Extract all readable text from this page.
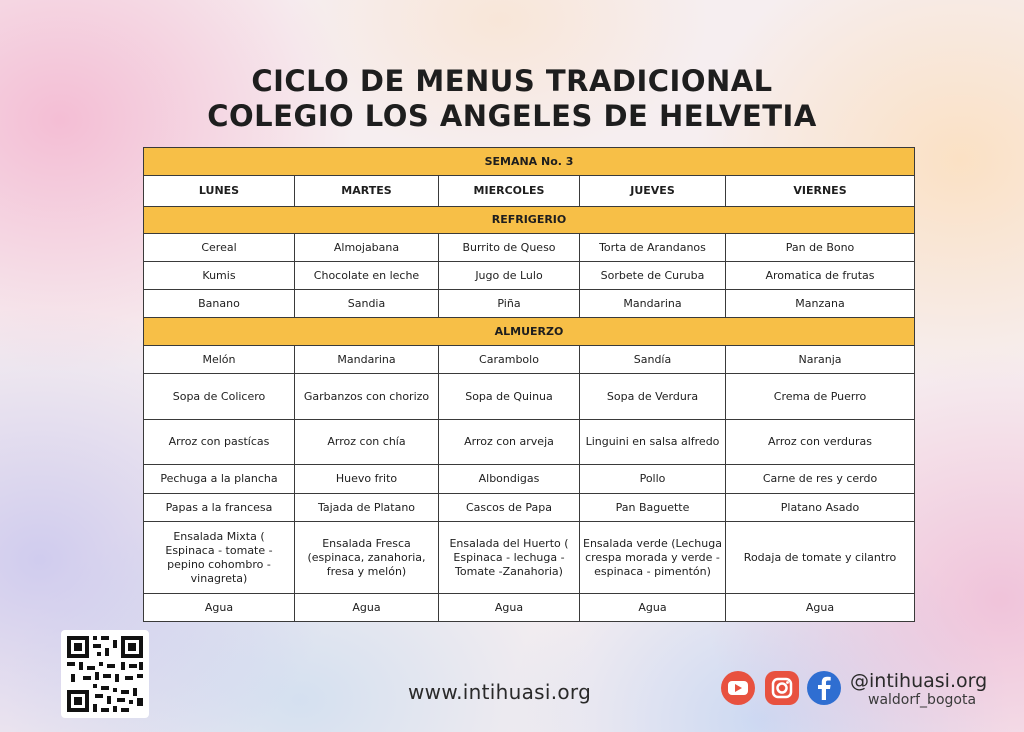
CICLO DE MENUS TRADICIONAL
COLEGIO LOS ANGELES DE HELVETIA
SEMANA No. 3				
LUNES	MARTES	MIERCOLES	JUEVES	VIERNES
REFRIGERIO				
Cereal	Almojabana	Burrito de Queso	Torta de Arandanos	Pan de Bono
Kumis	Chocolate en leche	Jugo de Lulo	Sorbete de Curuba	Aromatica de frutas
Banano	Sandia	Piña	Mandarina	Manzana
ALMUERZO				
Melón	Mandarina	Carambolo	Sandía	Naranja
Sopa de Colicero	Garbanzos con chorizo	Sopa de Quinua	Sopa de Verdura	Crema de Puerro
Arroz con pastícas	Arroz con chía	Arroz con arveja	Linguini en salsa alfredo	Arroz con verduras
Pechuga a la plancha	Huevo frito	Albondigas	Pollo	Carne de res y cerdo
Papas a la francesa	Tajada de Platano	Cascos de Papa	Pan Baguette	Platano Asado
Ensalada Mixta ( Espinaca - tomate - pepino cohombro - vinagreta)	Ensalada Fresca (espinaca, zanahoria, fresa y melón)	Ensalada del Huerto ( Espinaca - lechuga - Tomate -Zanahoria)	Ensalada verde (Lechuga crespa morada y verde - espinaca - pimentón)	Rodaja de tomate y cilantro
Agua	Agua	Agua	Agua	Agua
www.intihuasi.org	@intihuasi.org
waldorf_bogota
